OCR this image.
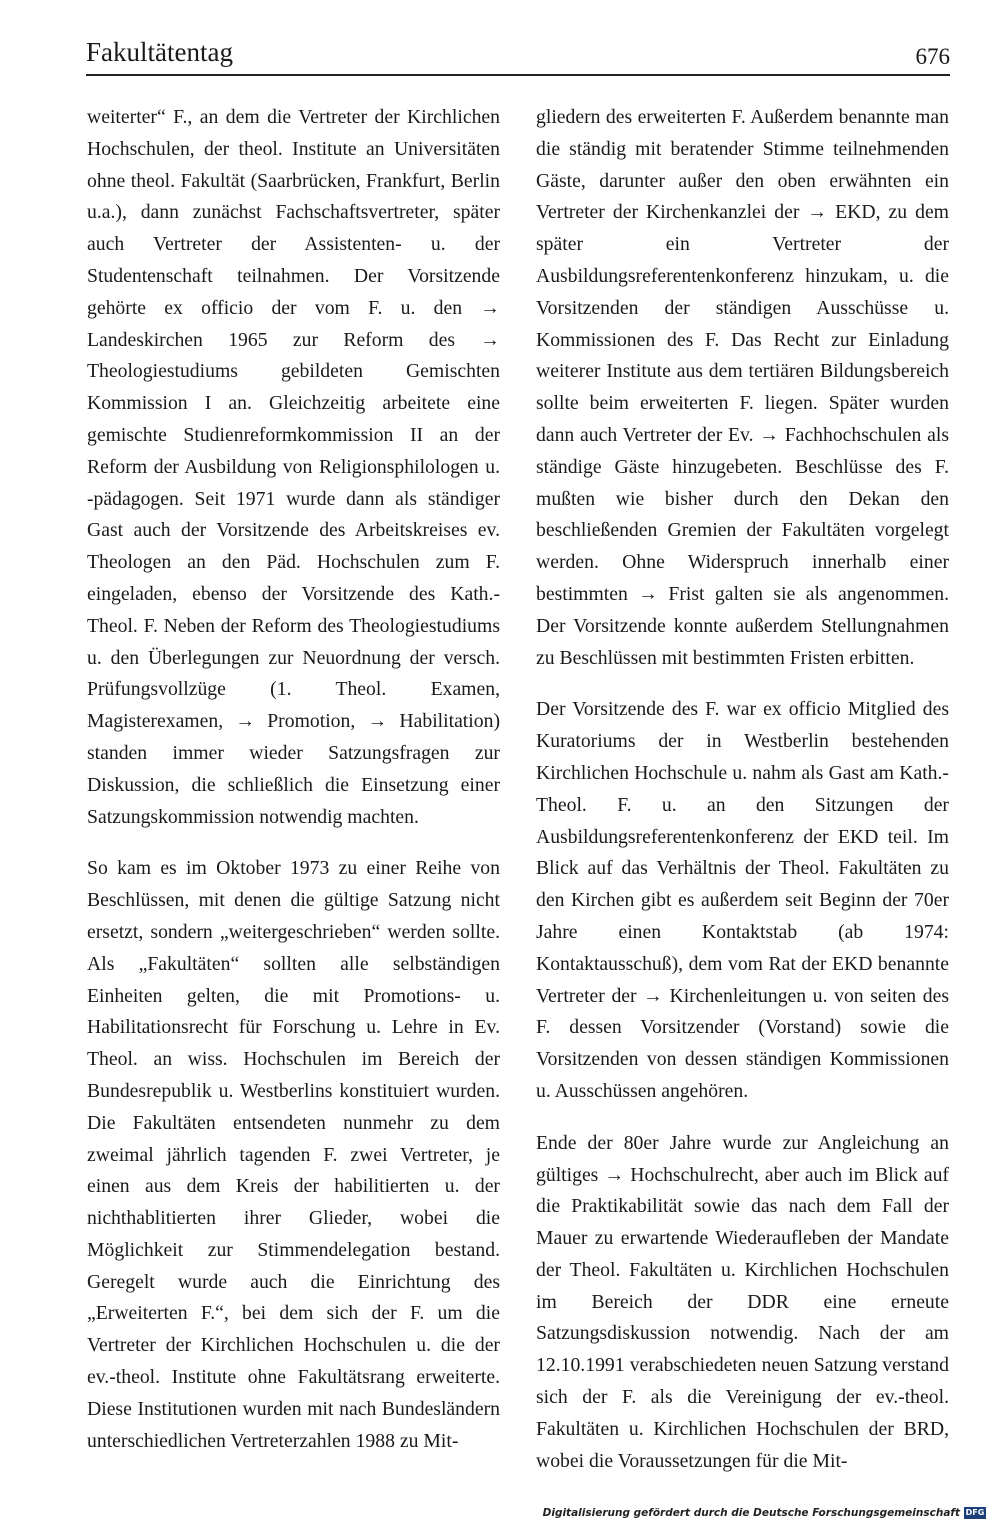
Fakultätentag	676

weiterter“ F., an dem die Vertreter der Kirchlichen Hochschulen, der theol. Institute an Universitäten ohne theol. Fakultät (Saarbrücken, Frankfurt, Berlin u.a.), dann zunächst Fachschaftsvertreter, später auch Vertreter der Assistenten- u. der Studentenschaft teilnahmen. Der Vorsitzende gehörte ex officio der vom F. u. den → Landeskirchen 1965 zur Reform des → Theologiestudiums gebildeten Gemischten Kommission I an. Gleichzeitig arbeitete eine gemischte Studienreformkommission II an der Reform der Ausbildung von Religionsphilologen u. -pädagogen. Seit 1971 wurde dann als ständiger Gast auch der Vorsitzende des Arbeitskreises ev. Theologen an den Päd. Hochschulen zum F. eingeladen, ebenso der Vorsitzende des Kath.-Theol. F. Neben der Reform des Theologiestudiums u. den Überlegungen zur Neuordnung der versch. Prüfungsvollzüge (1. Theol. Examen, Magisterexamen, → Promotion, → Habilitation) standen immer wieder Satzungsfragen zur Diskussion, die schließlich die Einsetzung einer Satzungskommission notwendig machten.

So kam es im Oktober 1973 zu einer Reihe von Beschlüssen, mit denen die gültige Satzung nicht ersetzt, sondern „weitergeschrieben“ werden sollte. Als „Fakultäten“ sollten alle selbständigen Einheiten gelten, die mit Promotions- u. Habilitationsrecht für Forschung u. Lehre in Ev. Theol. an wiss. Hochschulen im Bereich der Bundesrepublik u. Westberlins konstituiert wurden. Die Fakultäten entsendeten nunmehr zu dem zweimal jährlich tagenden F. zwei Vertreter, je einen aus dem Kreis der habilitierten u. der nichthablitierten ihrer Glieder, wobei die Möglichkeit zur Stimmendelegation bestand. Geregelt wurde auch die Einrichtung des „Erweiterten F.“, bei dem sich der F. um die Vertreter der Kirchlichen Hochschulen u. die der ev.-theol. Institute ohne Fakultätsrang erweiterte. Diese Institutionen wurden mit nach Bundesländern unterschiedlichen Vertreterzahlen 1988 zu Mit-

gliedern des erweiterten F. Außerdem benannte man die ständig mit beratender Stimme teilnehmenden Gäste, darunter außer den oben erwähnten ein Vertreter der Kirchenkanzlei der → EKD, zu dem später ein Vertreter der Ausbildungsreferentenkonferenz hinzukam, u. die Vorsitzenden der ständigen Ausschüsse u. Kommissionen des F. Das Recht zur Einladung weiterer Institute aus dem tertiären Bildungsbereich sollte beim erweiterten F. liegen. Später wurden dann auch Vertreter der Ev. → Fachhochschulen als ständige Gäste hinzugebeten. Beschlüsse des F. mußten wie bisher durch den Dekan den beschließenden Gremien der Fakultäten vorgelegt werden. Ohne Widerspruch innerhalb einer bestimmten → Frist galten sie als angenommen. Der Vorsitzende konnte außerdem Stellungnahmen zu Beschlüssen mit bestimmten Fristen erbitten.

Der Vorsitzende des F. war ex officio Mitglied des Kuratoriums der in Westberlin bestehenden Kirchlichen Hochschule u. nahm als Gast am Kath.-Theol. F. u. an den Sitzungen der Ausbildungsreferentenkonferenz der EKD teil. Im Blick auf das Verhältnis der Theol. Fakultäten zu den Kirchen gibt es außerdem seit Beginn der 70er Jahre einen Kontaktstab (ab 1974: Kontaktausschuß), dem vom Rat der EKD benannte Vertreter der → Kirchenleitungen u. von seiten des F. dessen Vorsitzender (Vorstand) sowie die Vorsitzenden von dessen ständigen Kommissionen u. Ausschüssen angehören.

Ende der 80er Jahre wurde zur Angleichung an gültiges → Hochschulrecht, aber auch im Blick auf die Praktikabilität sowie das nach dem Fall der Mauer zu erwartende Wiederaufleben der Mandate der Theol. Fakultäten u. Kirchlichen Hochschulen im Bereich der DDR eine erneute Satzungsdiskussion notwendig. Nach der am 12.10.1991 verabschiedeten neuen Satzung verstand sich der F. als die Vereinigung der ev.-theol. Fakultäten u. Kirchlichen Hochschulen der BRD, wobei die Voraussetzungen für die Mit-

Digitalisierung gefördert durch die Deutsche Forschungsgemeinschaft DFG
